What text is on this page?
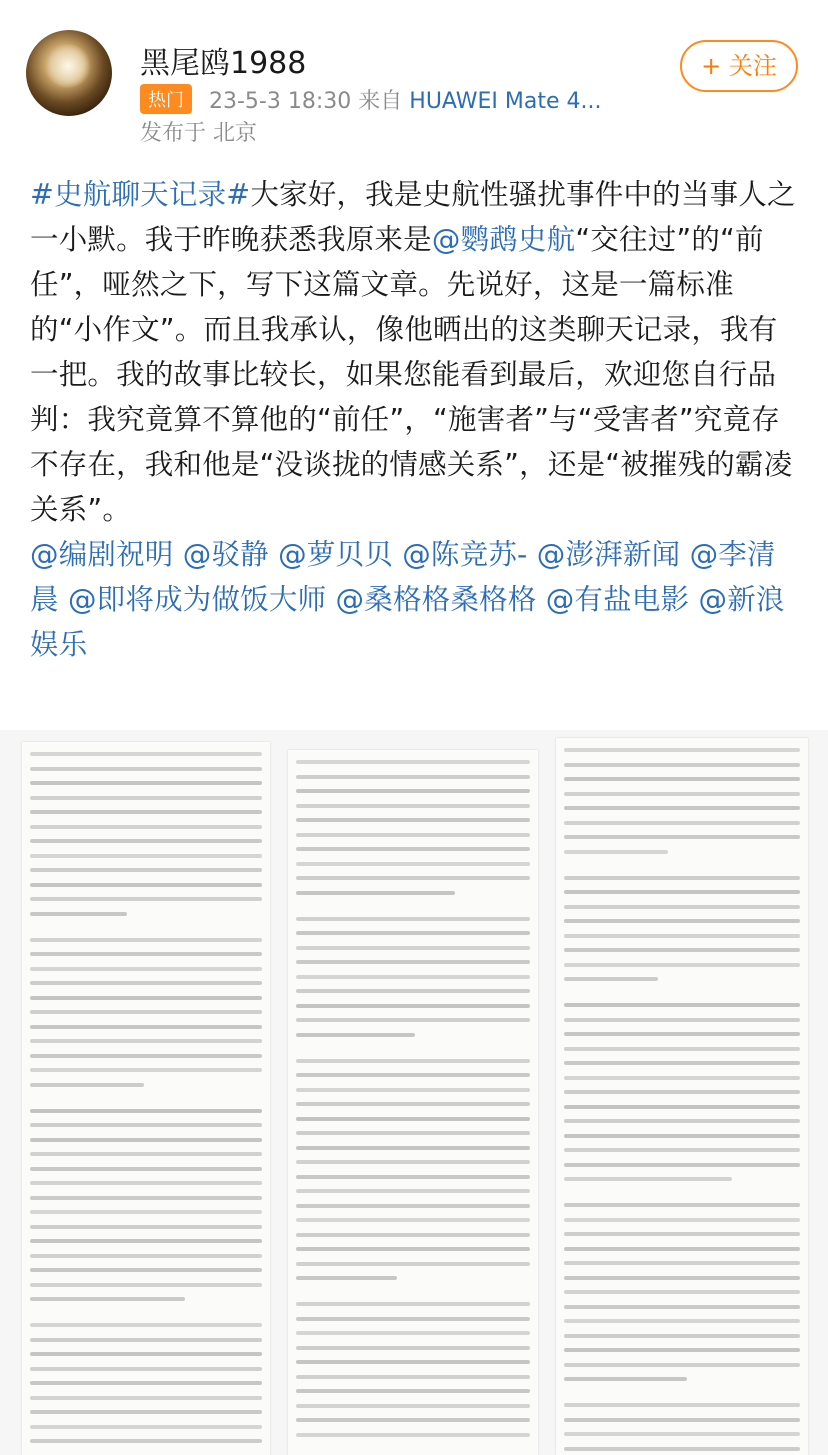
黑尾鸥1988
热门 23-5-3 18:30 来自 HUAWEI Mate 4...
发布于 北京
+ 关注
#史航聊天记录#大家好，我是史航性骚扰事件中的当事人之一小默。我于昨晚获悉我原来是@鹦鹉史航“交往过”的“前任”，哑然之下，写下这篇文章。先说好，这是一篇标准的“小作文”。而且我承认，像他晒出的这类聊天记录，我有一把。我的故事比较长，如果您能看到最后，欢迎您自行品判：我究竟算不算他的“前任”，“施害者”与“受害者”究竟存不存在，我和他是“没谈拢的情感关系”，还是“被摧残的霸凌关系”。
@编剧祝明 @驳静 @萝贝贝 @陈竞苏- @澎湃新闻 @李清晨 @即将成为做饭大师 @桑格格桑格格 @有盐电影 @新浪娱乐
